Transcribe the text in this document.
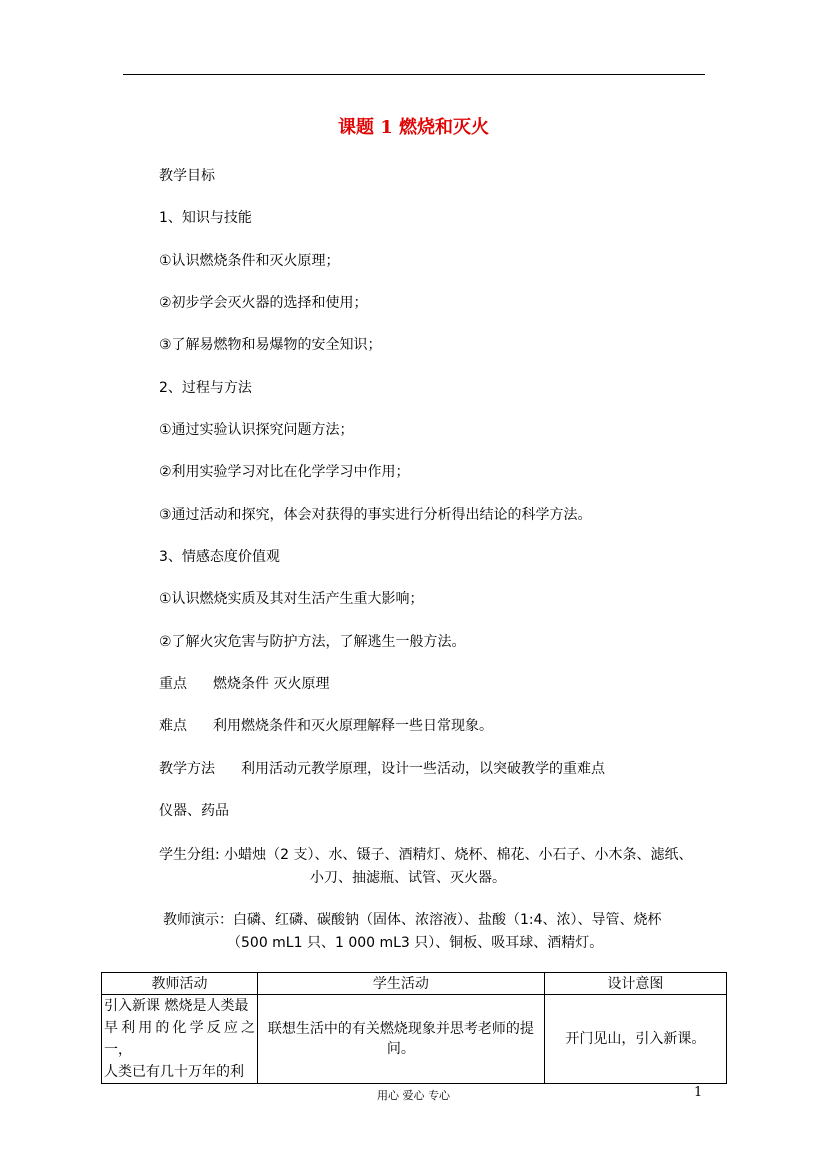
课题 1 燃烧和灭火
教学目标
1、知识与技能
①认识燃烧条件和灭火原理；
②初步学会灭火器的选择和使用；
③了解易燃物和易爆物的安全知识；
2、过程与方法
①通过实验认识探究问题方法；
②利用实验学习对比在化学学习中作用；
③通过活动和探究，体会对获得的事实进行分析得出结论的科学方法。
3、情感态度价值观
①认识燃烧实质及其对生活产生重大影响；
②了解火灾危害与防护方法，了解逃生一般方法。
重点 燃烧条件 灭火原理
难点 利用燃烧条件和灭火原理解释一些日常现象。
教学方法 利用活动元教学原理，设计一些活动，以突破教学的重难点
仪器、药品
学生分组: 小蜡烛（2 支）、水、镊子、酒精灯、烧杯、棉花、小石子、小木条、滤纸、
小刀、抽滤瓶、试管、灭火器。
教师演示：白磷、红磷、碳酸钠（固体、浓溶液）、盐酸（1:4、浓）、导管、烧杯
（500 mL1 只、1 000 mL3 只）、铜板、吸耳球、酒精灯。
教师活动	学生活动	设计意图

引入新课 燃烧是人类最
早利用的化学反应之一，
人类已有几十万年的利	联想生活中的有关燃烧现象并思考老师的提问。	开门见山，引入新课。
用心 爱心 专心	1
